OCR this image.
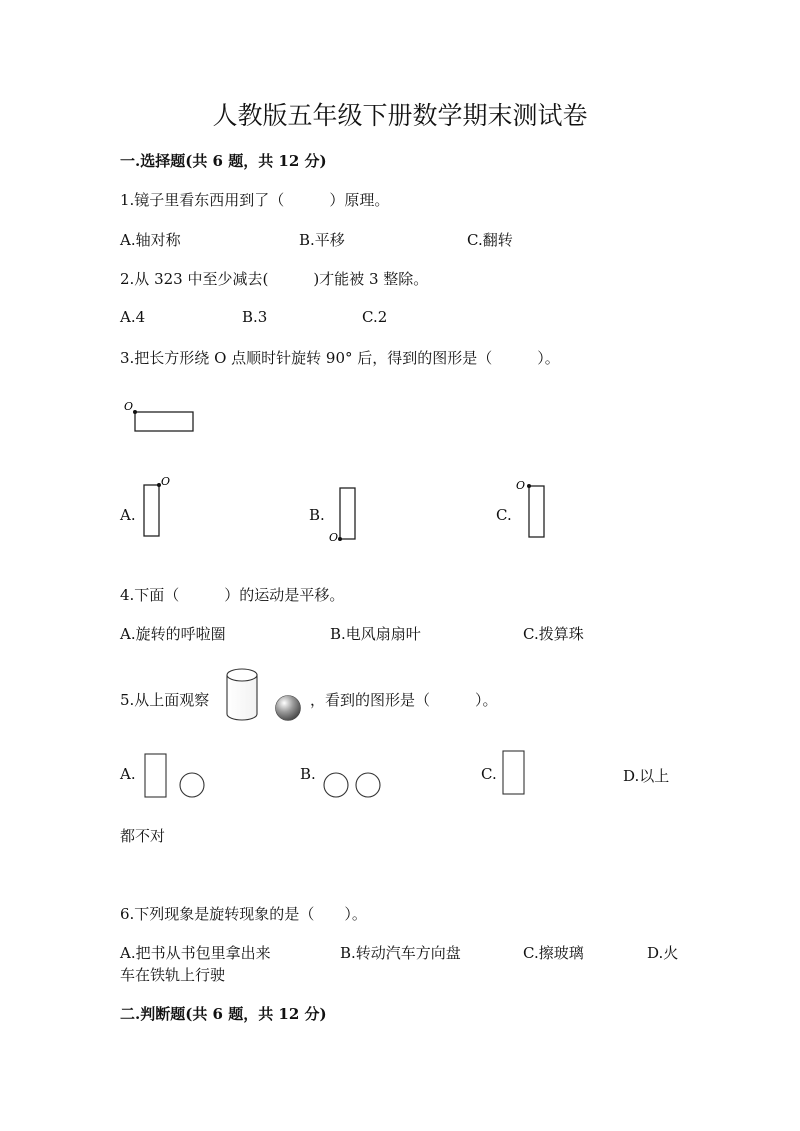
人教版五年级下册数学期末测试卷
一.选择题(共 6 题，共 12 分)
1.镜子里看东西用到了（　　　）原理。
A.轴对称	B.平移	C.翻转
2.从 323 中至少减去(　　　)才能被 3 整除。
A.4	B.3	C.2
3.把长方形绕 O 点顺时针旋转 90° 后，得到的图形是（　　　）。
O
A.
O
B.
O
C.
O
4.下面（　　　）的运动是平移。
A.旋转的呼啦圈	B.电风扇扇叶	C.拨算珠
5.从上面观察	，看到的图形是（　　　）。
A.	B.	C.	D.以上
都不对
6.下列现象是旋转现象的是（　　）。
A.把书从书包里拿出来	B.转动汽车方向盘	C.擦玻璃	D.火
车在铁轨上行驶
二.判断题(共 6 题，共 12 分)
